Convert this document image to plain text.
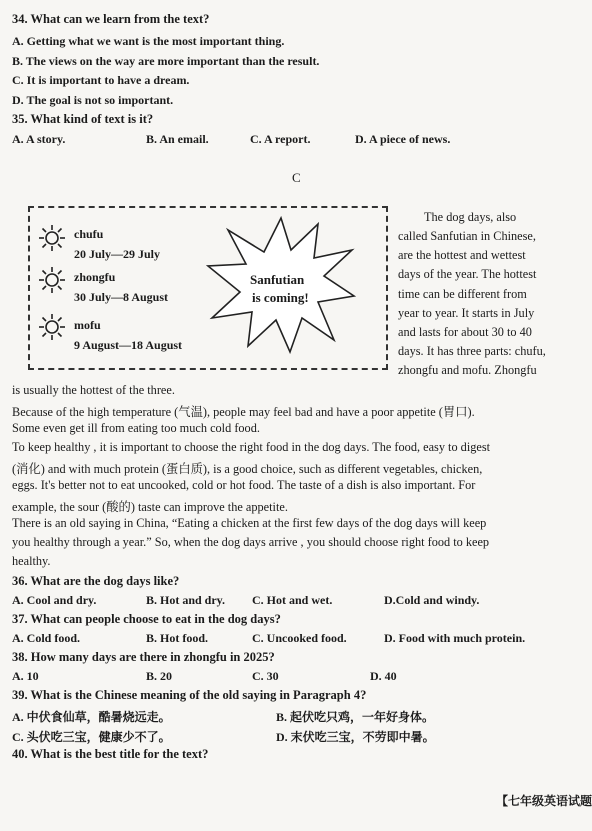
34. What can we learn from the text?
A. Getting what we want is the most important thing.
B. The views on the way are more important than the result.
C. It is important to have a dream.
D. The goal is not so important.
35. What kind of text is it?
A. A story.	B. An email.	C. A report.	D. A piece of news.
C
chufu
20 July—29 July
zhongfu
30 July—8 August
mofu
9 August—18 August
Sanfutian
is coming!
The dog days, also
called Sanfutian in Chinese,
are the hottest and wettest
days of the year. The hottest
time can be different from
year to year. It starts in July
and lasts for about 30 to 40
days. It has three parts: chufu,
zhongfu and mofu. Zhongfu
is usually the hottest of the three.
Because of the high temperature (气温), people may feel bad and have a poor appetite (胃口).
Some even get ill from eating too much cold food.
To keep healthy , it is important to choose the right food in the dog days. The food, easy to digest
(消化) and with much protein (蛋白质), is a good choice, such as different vegetables, chicken,
eggs. It's better not to eat uncooked, cold or hot food. The taste of a dish is also important. For
example, the sour (酸的) taste can improve the appetite.
There is an old saying in China, “Eating a chicken at the first few days of the dog days will keep
you healthy through a year.” So, when the dog days arrive , you should choose right food to keep
healthy.
36. What are the dog days like?
A. Cool and dry.	B. Hot and dry. C. Hot and wet.	D.Cold and windy.
37. What can people choose to eat in the dog days?
A. Cold food.	B. Hot food.	C. Uncooked food.	D. Food with much protein.
38. How many days are there in zhongfu in 2025?
A. 10	B. 20	C. 30	D. 40
39. What is the Chinese meaning of the old saying in Paragraph 4?
A. 中伏食仙草，酷暑烧远走。	B. 起伏吃只鸡，一年好身体。
C. 头伏吃三宝，健康少不了。	D. 末伏吃三宝，不劳即中暑。
40. What is the best title for the text?
【七年级英语试题
